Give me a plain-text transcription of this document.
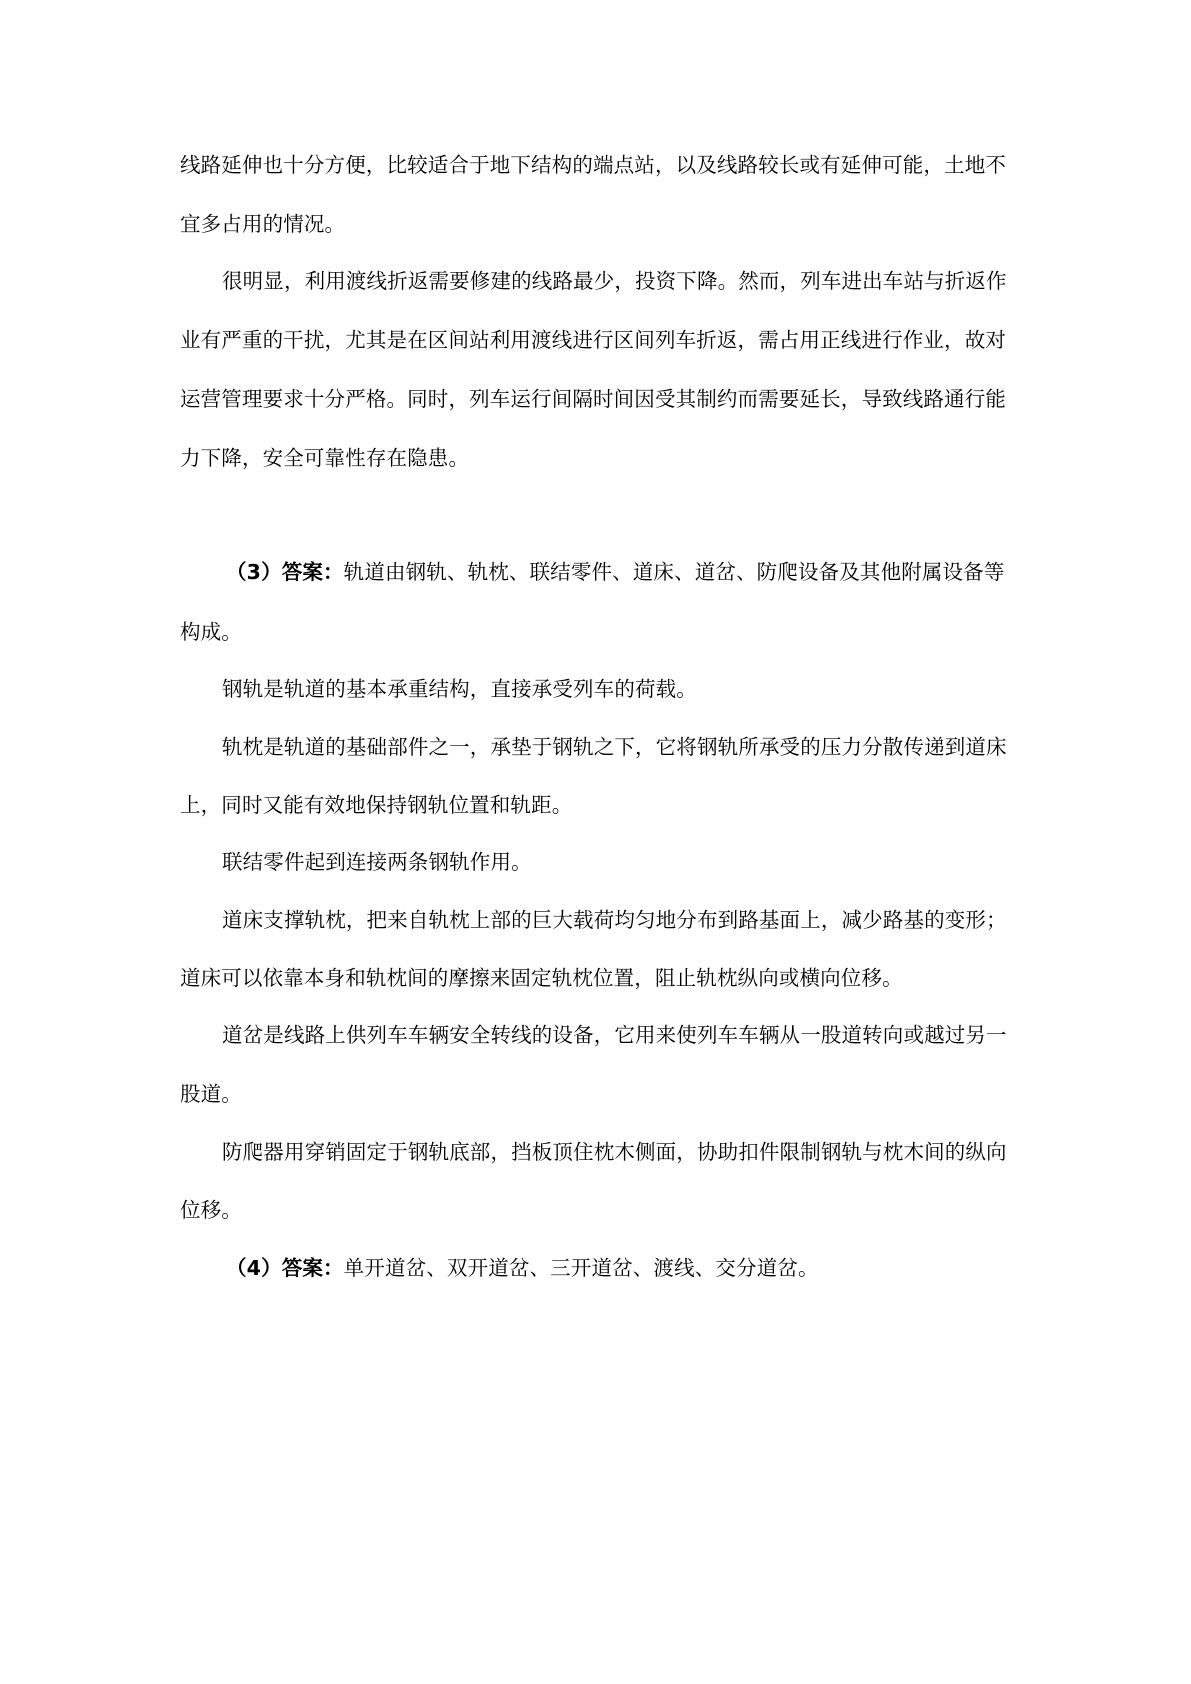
线路延伸也十分方便，比较适合于地下结构的端点站，以及线路较长或有延伸可能，土地不
宜多占用的情况。
很明显，利用渡线折返需要修建的线路最少，投资下降。然而，列车进出车站与折返作
业有严重的干扰，尤其是在区间站利用渡线进行区间列车折返，需占用正线进行作业，故对
运营管理要求十分严格。同时，列车运行间隔时间因受其制约而需要延长，导致线路通行能
力下降，安全可靠性存在隐患。
（3）答案：轨道由钢轨、轨枕、联结零件、道床、道岔、防爬设备及其他附属设备等
构成。
钢轨是轨道的基本承重结构，直接承受列车的荷载。
轨枕是轨道的基础部件之一，承垫于钢轨之下，它将钢轨所承受的压力分散传递到道床
上，同时又能有效地保持钢轨位置和轨距。
联结零件起到连接两条钢轨作用。
道床支撑轨枕，把来自轨枕上部的巨大载荷均匀地分布到路基面上，减少路基的变形；
道床可以依靠本身和轨枕间的摩擦来固定轨枕位置，阻止轨枕纵向或横向位移。
道岔是线路上供列车车辆安全转线的设备，它用来使列车车辆从一股道转向或越过另一
股道。
防爬器用穿销固定于钢轨底部，挡板顶住枕木侧面，协助扣件限制钢轨与枕木间的纵向
位移。
（4）答案：单开道岔、双开道岔、三开道岔、渡线、交分道岔。
